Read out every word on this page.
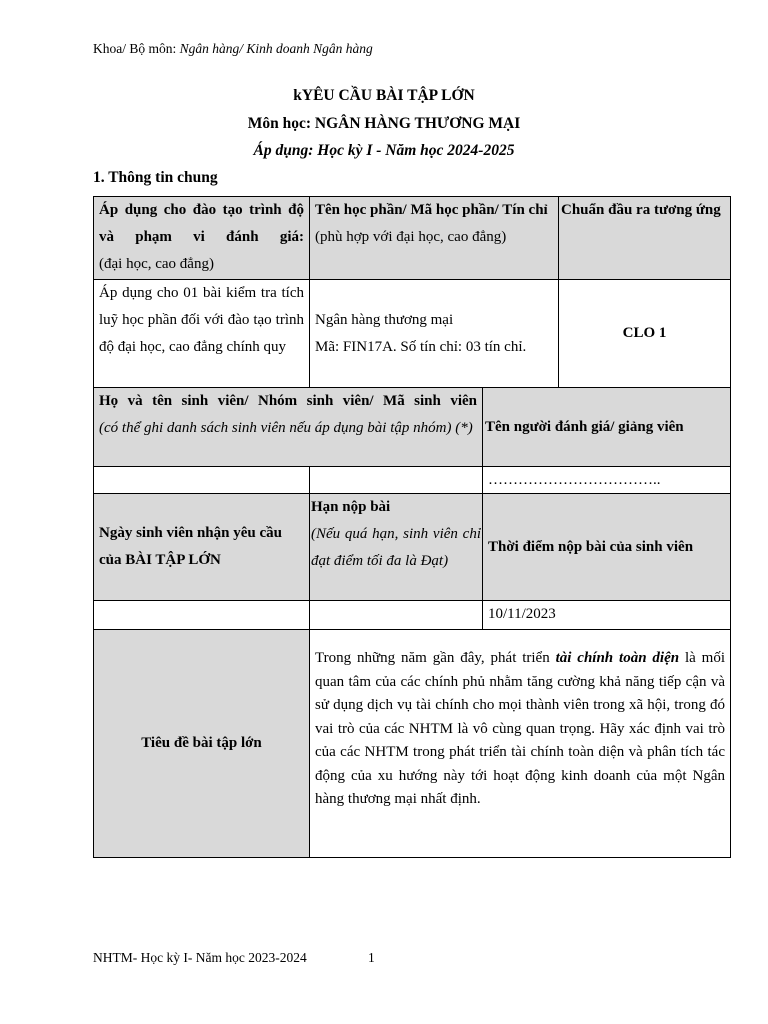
Khoa/ Bộ môn: Ngân hàng/ Kinh doanh Ngân hàng
kYÊU CẦU BÀI TẬP LỚN
Môn học: NGÂN HÀNG THƯƠNG MẠI
Áp dụng: Học kỳ I - Năm học 2024-2025
1. Thông tin chung
Áp dụng cho đào tạo trình độ và phạm vi đánh giá:
(đại học, cao đẳng)
Tên học phần/ Mã học phần/ Tín chỉ
(phù hợp với đại học, cao đẳng)
Chuẩn đầu ra tương ứng
Áp dụng cho 01 bài kiểm tra tích luỹ học phần đối với đào tạo trình độ đại học, cao đẳng chính quy
Ngân hàng thương mại
Mã: FIN17A. Số tín chỉ: 03 tín chỉ.
CLO 1
Họ và tên sinh viên/ Nhóm sinh viên/ Mã sinh viên
(có thể ghi danh sách sinh viên nếu áp dụng bài tập nhóm) (*) Tên người đánh giá/ giảng viên
……………………………..
Ngày sinh viên nhận yêu cầu của BÀI TẬP LỚN
Hạn nộp bài
(Nếu quá hạn, sinh viên chỉ đạt điểm tối đa là Đạt)
Thời điểm nộp bài của sinh viên
10/11/2023
Tiêu đề bài tập lớn
Trong những năm gần đây, phát triển tài chính toàn diện là mối quan tâm của các chính phủ nhằm tăng cường khả năng tiếp cận và sử dụng dịch vụ tài chính cho mọi thành viên trong xã hội, trong đó vai trò của các NHTM là vô cùng quan trọng. Hãy xác định vai trò của các NHTM trong phát triển tài chính toàn diện và phân tích tác động của xu hướng này tới hoạt động kinh doanh của một Ngân hàng thương mại nhất định.
NHTM- Học kỳ I- Năm học 2023-2024	1
